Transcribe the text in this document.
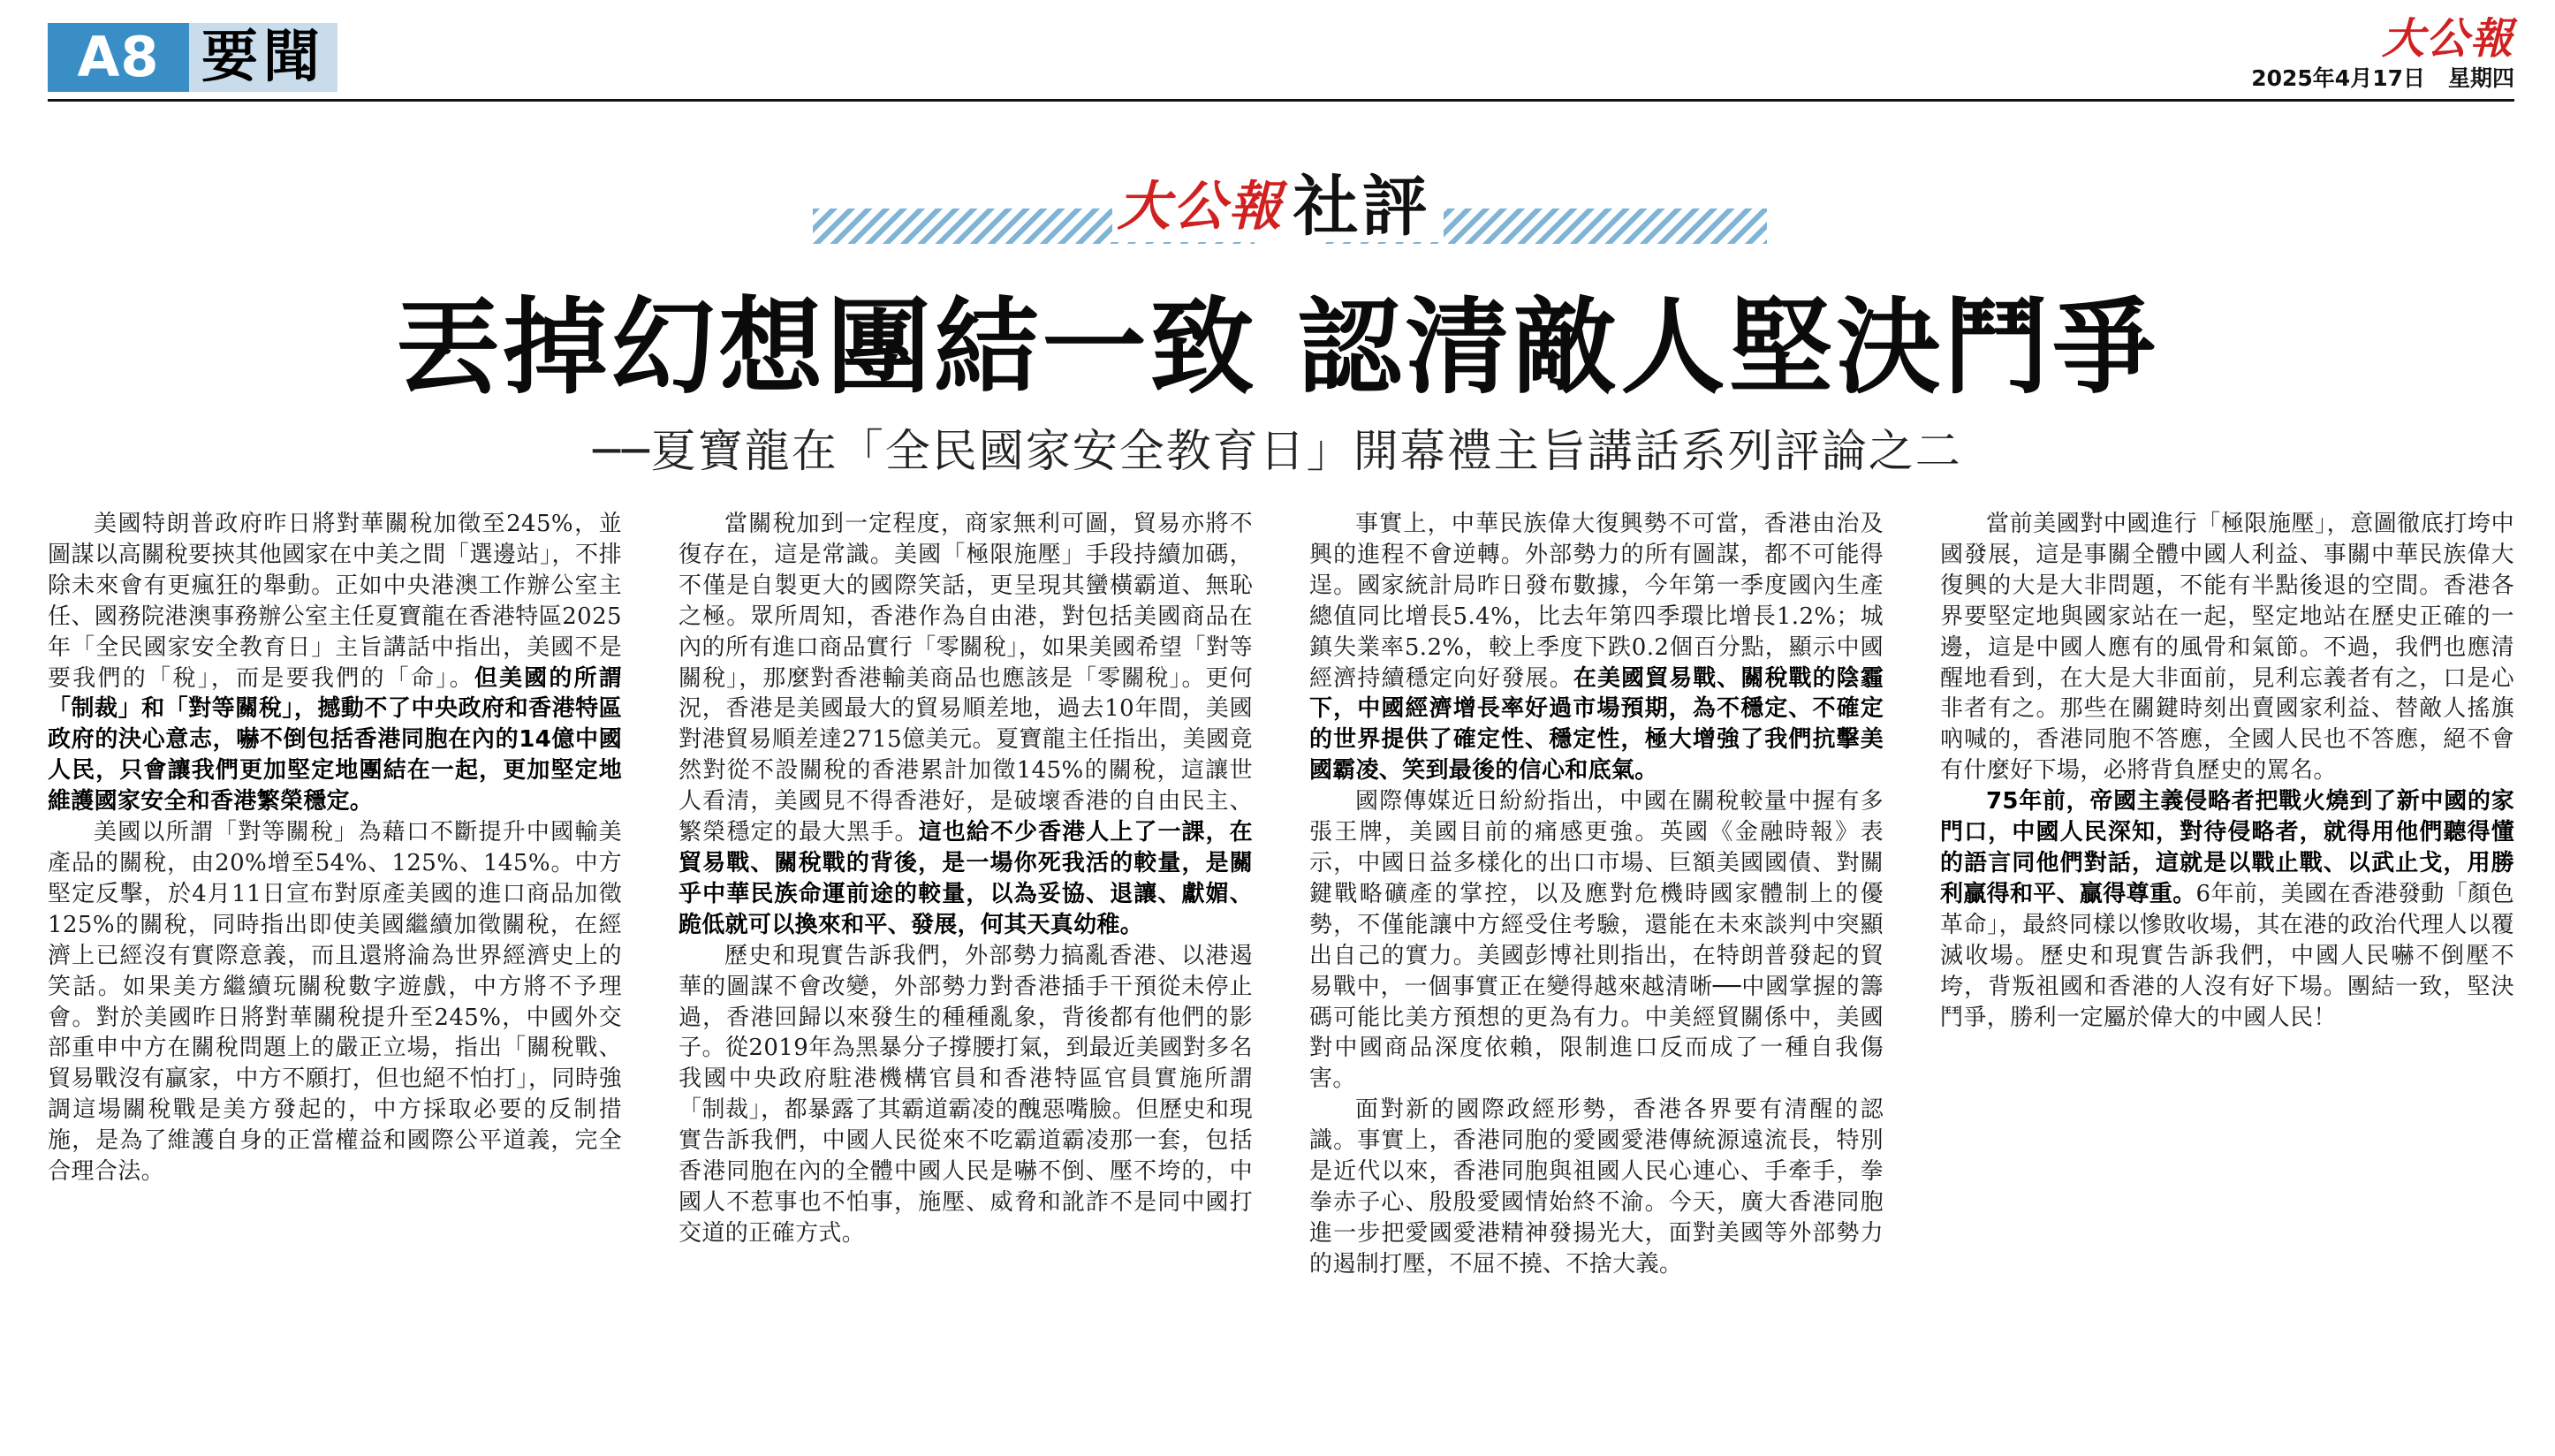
A8 要聞	大公報
2025年4月17日 星期四
大公報 社評
丟掉幻想團結一致 認清敵人堅決鬥爭
──夏寶龍在「全民國家安全教育日」開幕禮主旨講話系列評論之二

美國特朗普政府昨日將對華關稅加徵至245%，並圖謀以高關稅要挾其他國家在中美之間「選邊站」，不排除未來會有更瘋狂的舉動。正如中央港澳工作辦公室主任、國務院港澳事務辦公室主任夏寶龍在香港特區2025年「全民國家安全教育日」主旨講話中指出，美國不是要我們的「稅」，而是要我們的「命」。但美國的所謂「制裁」和「對等關稅」，撼動不了中央政府和香港特區政府的決心意志，嚇不倒包括香港同胞在內的14億中國人民，只會讓我們更加堅定地團結在一起，更加堅定地維護國家安全和香港繁榮穩定。

美國以所謂「對等關稅」為藉口不斷提升中國輸美產品的關稅，由20%增至54%、125%、145%。中方堅定反擊，於4月11日宣布對原產美國的進口商品加徵125%的關稅，同時指出即使美國繼續加徵關稅，在經濟上已經沒有實際意義，而且還將淪為世界經濟史上的笑話。如果美方繼續玩關稅數字遊戲，中方將不予理會。對於美國昨日將對華關稅提升至245%，中國外交部重申中方在關稅問題上的嚴正立場，指出「關稅戰、貿易戰沒有贏家，中方不願打，但也絕不怕打」，同時強調這場關稅戰是美方發起的，中方採取必要的反制措施，是為了維護自身的正當權益和國際公平道義，完全合理合法。

當關稅加到一定程度，商家無利可圖，貿易亦將不復存在，這是常識。美國「極限施壓」手段持續加碼，不僅是自製更大的國際笑話，更呈現其蠻橫霸道、無恥之極。眾所周知，香港作為自由港，對包括美國商品在內的所有進口商品實行「零關稅」，如果美國希望「對等關稅」，那麼對香港輸美商品也應該是「零關稅」。更何況，香港是美國最大的貿易順差地，過去10年間，美國對港貿易順差達2715億美元。夏寶龍主任指出，美國竟然對從不設關稅的香港累計加徵145%的關稅，這讓世人看清，美國見不得香港好，是破壞香港的自由民主、繁榮穩定的最大黑手。這也給不少香港人上了一課，在貿易戰、關稅戰的背後，是一場你死我活的較量，是關乎中華民族命運前途的較量，以為妥協、退讓、獻媚、跪低就可以換來和平、發展，何其天真幼稚。

歷史和現實告訴我們，外部勢力搞亂香港、以港遏華的圖謀不會改變，外部勢力對香港插手干預從未停止過，香港回歸以來發生的種種亂象，背後都有他們的影子。從2019年為黑暴分子撐腰打氣，到最近美國對多名我國中央政府駐港機構官員和香港特區官員實施所謂「制裁」，都暴露了其霸道霸凌的醜惡嘴臉。但歷史和現實告訴我們，中國人民從來不吃霸道霸凌那一套，包括香港同胞在內的全體中國人民是嚇不倒、壓不垮的，中國人不惹事也不怕事，施壓、威脅和訛詐不是同中國打交道的正確方式。

事實上，中華民族偉大復興勢不可當，香港由治及興的進程不會逆轉。外部勢力的所有圖謀，都不可能得逞。國家統計局昨日發布數據，今年第一季度國內生產總值同比增長5.4%，比去年第四季環比增長1.2%；城鎮失業率5.2%，較上季度下跌0.2個百分點，顯示中國經濟持續穩定向好發展。在美國貿易戰、關稅戰的陰霾下，中國經濟增長率好過市場預期，為不穩定、不確定的世界提供了確定性、穩定性，極大增強了我們抗擊美國霸凌、笑到最後的信心和底氣。

國際傳媒近日紛紛指出，中國在關稅較量中握有多張王牌，美國目前的痛感更強。英國《金融時報》表示，中國日益多樣化的出口市場、巨額美國國債、對關鍵戰略礦產的掌控，以及應對危機時國家體制上的優勢，不僅能讓中方經受住考驗，還能在未來談判中突顯出自己的實力。美國彭博社則指出，在特朗普發起的貿易戰中，一個事實正在變得越來越清晰──中國掌握的籌碼可能比美方預想的更為有力。中美經貿關係中，美國對中國商品深度依賴，限制進口反而成了一種自我傷害。

面對新的國際政經形勢，香港各界要有清醒的認識。事實上，香港同胞的愛國愛港傳統源遠流長，特別是近代以來，香港同胞與祖國人民心連心、手牽手，拳拳赤子心、殷殷愛國情始終不渝。今天，廣大香港同胞進一步把愛國愛港精神發揚光大，面對美國等外部勢力的遏制打壓，不屈不撓、不捨大義。

當前美國對中國進行「極限施壓」，意圖徹底打垮中國發展，這是事關全體中國人利益、事關中華民族偉大復興的大是大非問題，不能有半點後退的空間。香港各界要堅定地與國家站在一起，堅定地站在歷史正確的一邊，這是中國人應有的風骨和氣節。不過，我們也應清醒地看到，在大是大非面前，見利忘義者有之，口是心非者有之。那些在關鍵時刻出賣國家利益、替敵人搖旗吶喊的，香港同胞不答應，全國人民也不答應，絕不會有什麼好下場，必將背負歷史的罵名。

75年前，帝國主義侵略者把戰火燒到了新中國的家門口，中國人民深知，對待侵略者，就得用他們聽得懂的語言同他們對話，這就是以戰止戰、以武止戈，用勝利贏得和平、贏得尊重。6年前，美國在香港發動「顏色革命」，最終同樣以慘敗收場，其在港的政治代理人以覆滅收場。歷史和現實告訴我們，中國人民嚇不倒壓不垮，背叛祖國和香港的人沒有好下場。團結一致，堅決鬥爭，勝利一定屬於偉大的中國人民！
